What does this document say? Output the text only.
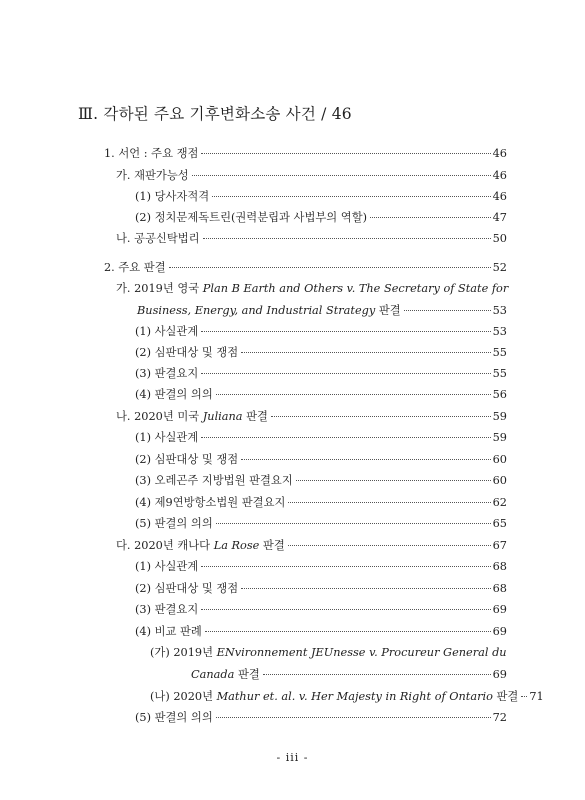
Ⅲ. 각하된 주요 기후변화소송 사건 / 46
1. 서언 : 주요 쟁점	46
가. 재판가능성	46
(1) 당사자적격	46
(2) 정치문제독트린(권력분립과 사법부의 역할)	47
나. 공공신탁법리	50
2. 주요 판결	52
가. 2019년 영국 Plan B Earth and Others v. The Secretary of State for
Business, Energy, and Industrial Strategy 판결	53
(1) 사실관계	53
(2) 심판대상 및 쟁점	55
(3) 판결요지	55
(4) 판결의 의의	56
나. 2020년 미국 Juliana 판결	59
(1) 사실관계	59
(2) 심판대상 및 쟁점	60
(3) 오레곤주 지방법원 판결요지	60
(4) 제9연방항소법원 판결요지	62
(5) 판결의 의의	65
다. 2020년 캐나다 La Rose 판결	67
(1) 사실관계	68
(2) 심판대상 및 쟁점	68
(3) 판결요지	69
(4) 비교 판례	69
(가) 2019년 ENvironnement JEUnesse v. Procureur General du
Canada 판결	69
(나) 2020년 Mathur et. al. v. Her Majesty in Right of Ontario 판결 71
(5) 판결의 의의	72
- iii -
